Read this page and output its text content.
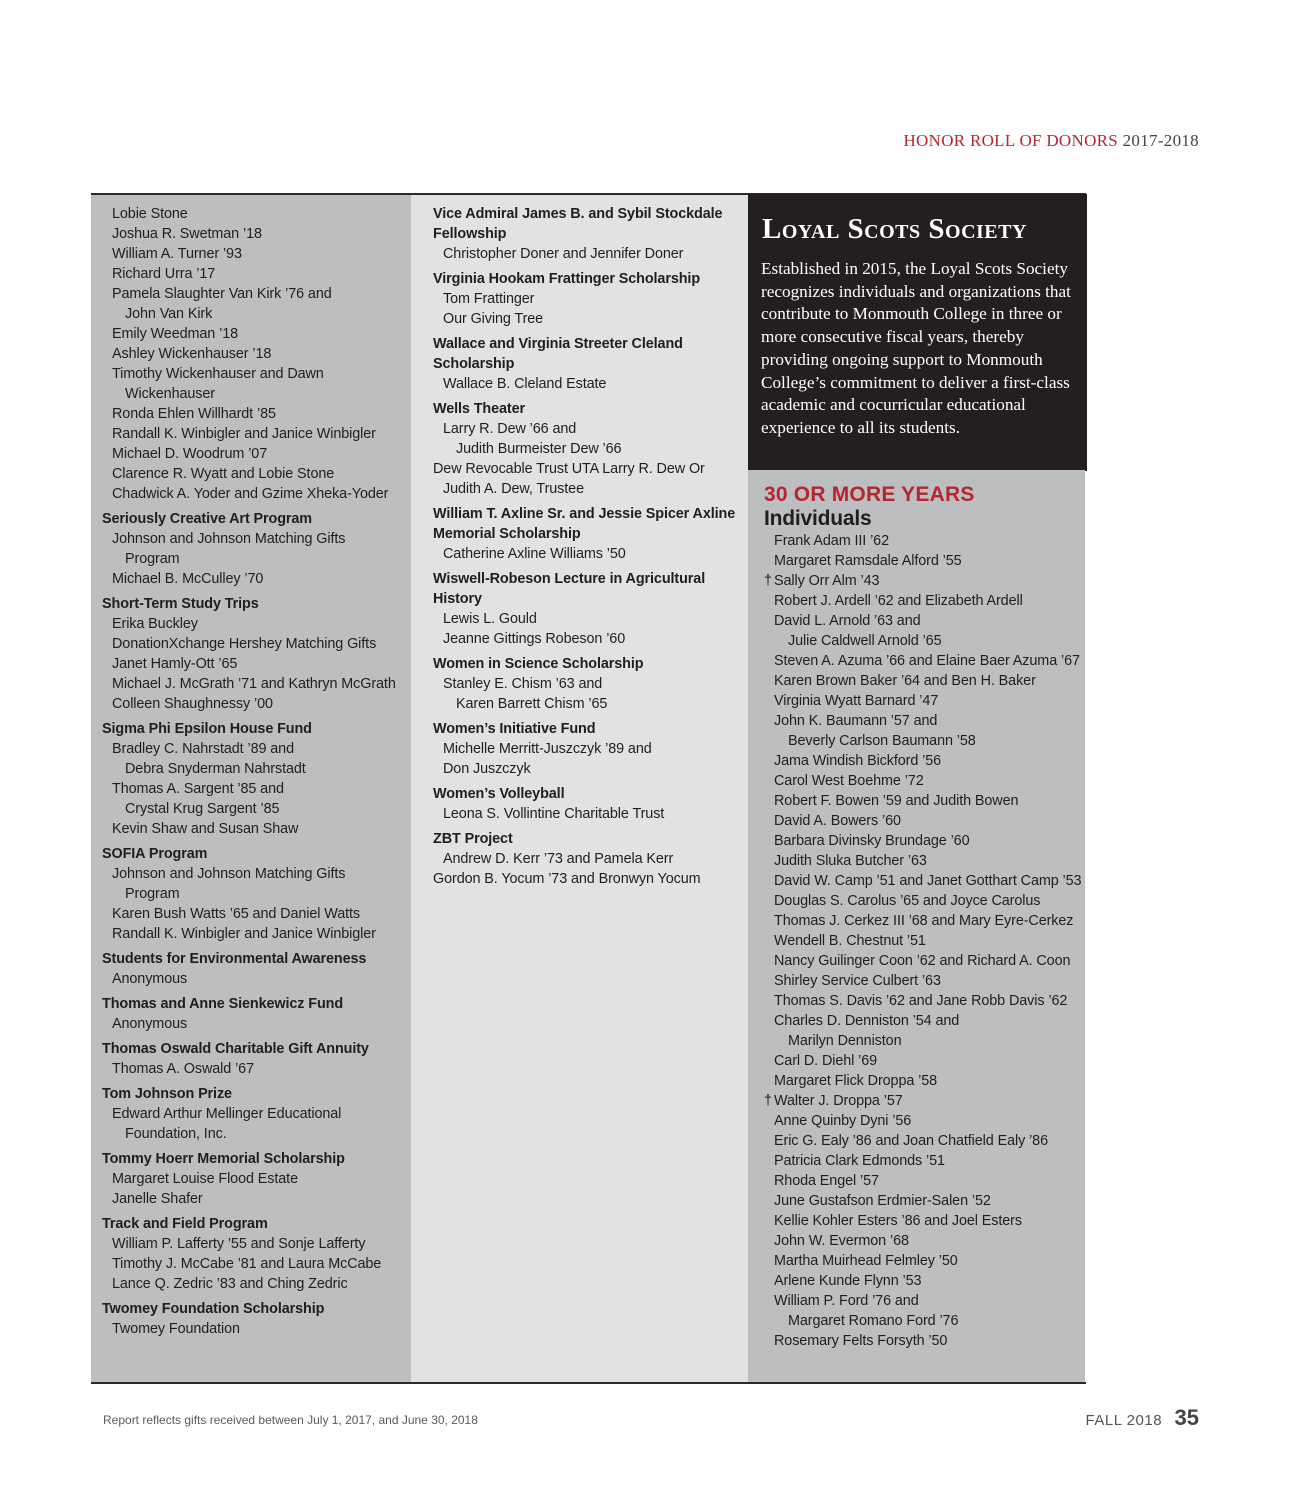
HONOR ROLL OF DONORS 2017-2018
Lobie Stone
Joshua R. Swetman ’18
William A. Turner ’93
Richard Urra ’17
Pamela Slaughter Van Kirk ’76 and
John Van Kirk
Emily Weedman ’18
Ashley Wickenhauser ’18
Timothy Wickenhauser and Dawn
Wickenhauser
Ronda Ehlen Willhardt ’85
Randall K. Winbigler and Janice Winbigler
Michael D. Woodrum ’07
Clarence R. Wyatt and Lobie Stone
Chadwick A. Yoder and Gzime Xheka-Yoder
Seriously Creative Art Program
Johnson and Johnson Matching Gifts
Program
Michael B. McCulley ’70
Short-Term Study Trips
Erika Buckley
DonationXchange Hershey Matching Gifts
Janet Hamly-Ott ’65
Michael J. McGrath ’71 and Kathryn McGrath
Colleen Shaughnessy ’00
Sigma Phi Epsilon House Fund
Bradley C. Nahrstadt ’89 and
Debra Snyderman Nahrstadt
Thomas A. Sargent ’85 and
Crystal Krug Sargent ’85
Kevin Shaw and Susan Shaw
SOFIA Program
Johnson and Johnson Matching Gifts
Program
Karen Bush Watts ’65 and Daniel Watts
Randall K. Winbigler and Janice Winbigler
Students for Environmental Awareness
Anonymous
Thomas and Anne Sienkewicz Fund
Anonymous
Thomas Oswald Charitable Gift Annuity
Thomas A. Oswald ’67
Tom Johnson Prize
Edward Arthur Mellinger Educational
Foundation, Inc.
Tommy Hoerr Memorial Scholarship
Margaret Louise Flood Estate
Janelle Shafer
Track and Field Program
William P. Lafferty ’55 and Sonje Lafferty
Timothy J. McCabe ’81 and Laura McCabe
Lance Q. Zedric ’83 and Ching Zedric
Twomey Foundation Scholarship
Twomey Foundation
Vice Admiral James B. and Sybil Stockdale
Fellowship
Christopher Doner and Jennifer Doner
Virginia Hookam Frattinger Scholarship
Tom Frattinger
Our Giving Tree
Wallace and Virginia Streeter Cleland
Scholarship
Wallace B. Cleland Estate
Wells Theater
Larry R. Dew ’66 and
Judith Burmeister Dew ’66
Dew Revocable Trust UTA Larry R. Dew Or
Judith A. Dew, Trustee
William T. Axline Sr. and Jessie Spicer Axline
Memorial Scholarship
Catherine Axline Williams ’50
Wiswell-Robeson Lecture in Agricultural
History
Lewis L. Gould
Jeanne Gittings Robeson ’60
Women in Science Scholarship
Stanley E. Chism ’63 and
Karen Barrett Chism ’65
Women’s Initiative Fund
Michelle Merritt-Juszczyk ’89 and
Don Juszczyk
Women’s Volleyball
Leona S. Vollintine Charitable Trust
ZBT Project
Andrew D. Kerr ’73 and Pamela Kerr
Gordon B. Yocum ’73 and Bronwyn Yocum
Loyal Scots Society
Established in 2015, the Loyal Scots Society recognizes individuals and organizations that contribute to Monmouth College in three or more consecutive fiscal years, thereby providing ongoing support to Monmouth College’s commitment to deliver a first-class academic and cocurricular educational experience to all its students.
30 OR MORE YEARS
Individuals
Frank Adam III ’62
Margaret Ramsdale Alford ’55
† Sally Orr Alm ’43
Robert J. Ardell ’62 and Elizabeth Ardell
David L. Arnold ’63 and
Julie Caldwell Arnold ’65
Steven A. Azuma ’66 and Elaine Baer Azuma ’67
Karen Brown Baker ’64 and Ben H. Baker
Virginia Wyatt Barnard ’47
John K. Baumann ’57 and
Beverly Carlson Baumann ’58
Jama Windish Bickford ’56
Carol West Boehme ’72
Robert F. Bowen ’59 and Judith Bowen
David A. Bowers ’60
Barbara Divinsky Brundage ’60
Judith Sluka Butcher ’63
David W. Camp ’51 and Janet Gotthart Camp ’53
Douglas S. Carolus ’65 and Joyce Carolus
Thomas J. Cerkez III ’68 and Mary Eyre-Cerkez
Wendell B. Chestnut ’51
Nancy Guilinger Coon ’62 and Richard A. Coon
Shirley Service Culbert ’63
Thomas S. Davis ’62 and Jane Robb Davis ’62
Charles D. Denniston ’54 and
Marilyn Denniston
Carl D. Diehl ’69
Margaret Flick Droppa ’58
† Walter J. Droppa ’57
Anne Quinby Dyni ’56
Eric G. Ealy ’86 and Joan Chatfield Ealy ’86
Patricia Clark Edmonds ’51
Rhoda Engel ’57
June Gustafson Erdmier-Salen ’52
Kellie Kohler Esters ’86 and Joel Esters
John W. Evermon ’68
Martha Muirhead Felmley ’50
Arlene Kunde Flynn ’53
William P. Ford ’76 and
Margaret Romano Ford ’76
Rosemary Felts Forsyth ’50
Report reflects gifts received between July 1, 2017, and June 30, 2018	FALL 2018 35
